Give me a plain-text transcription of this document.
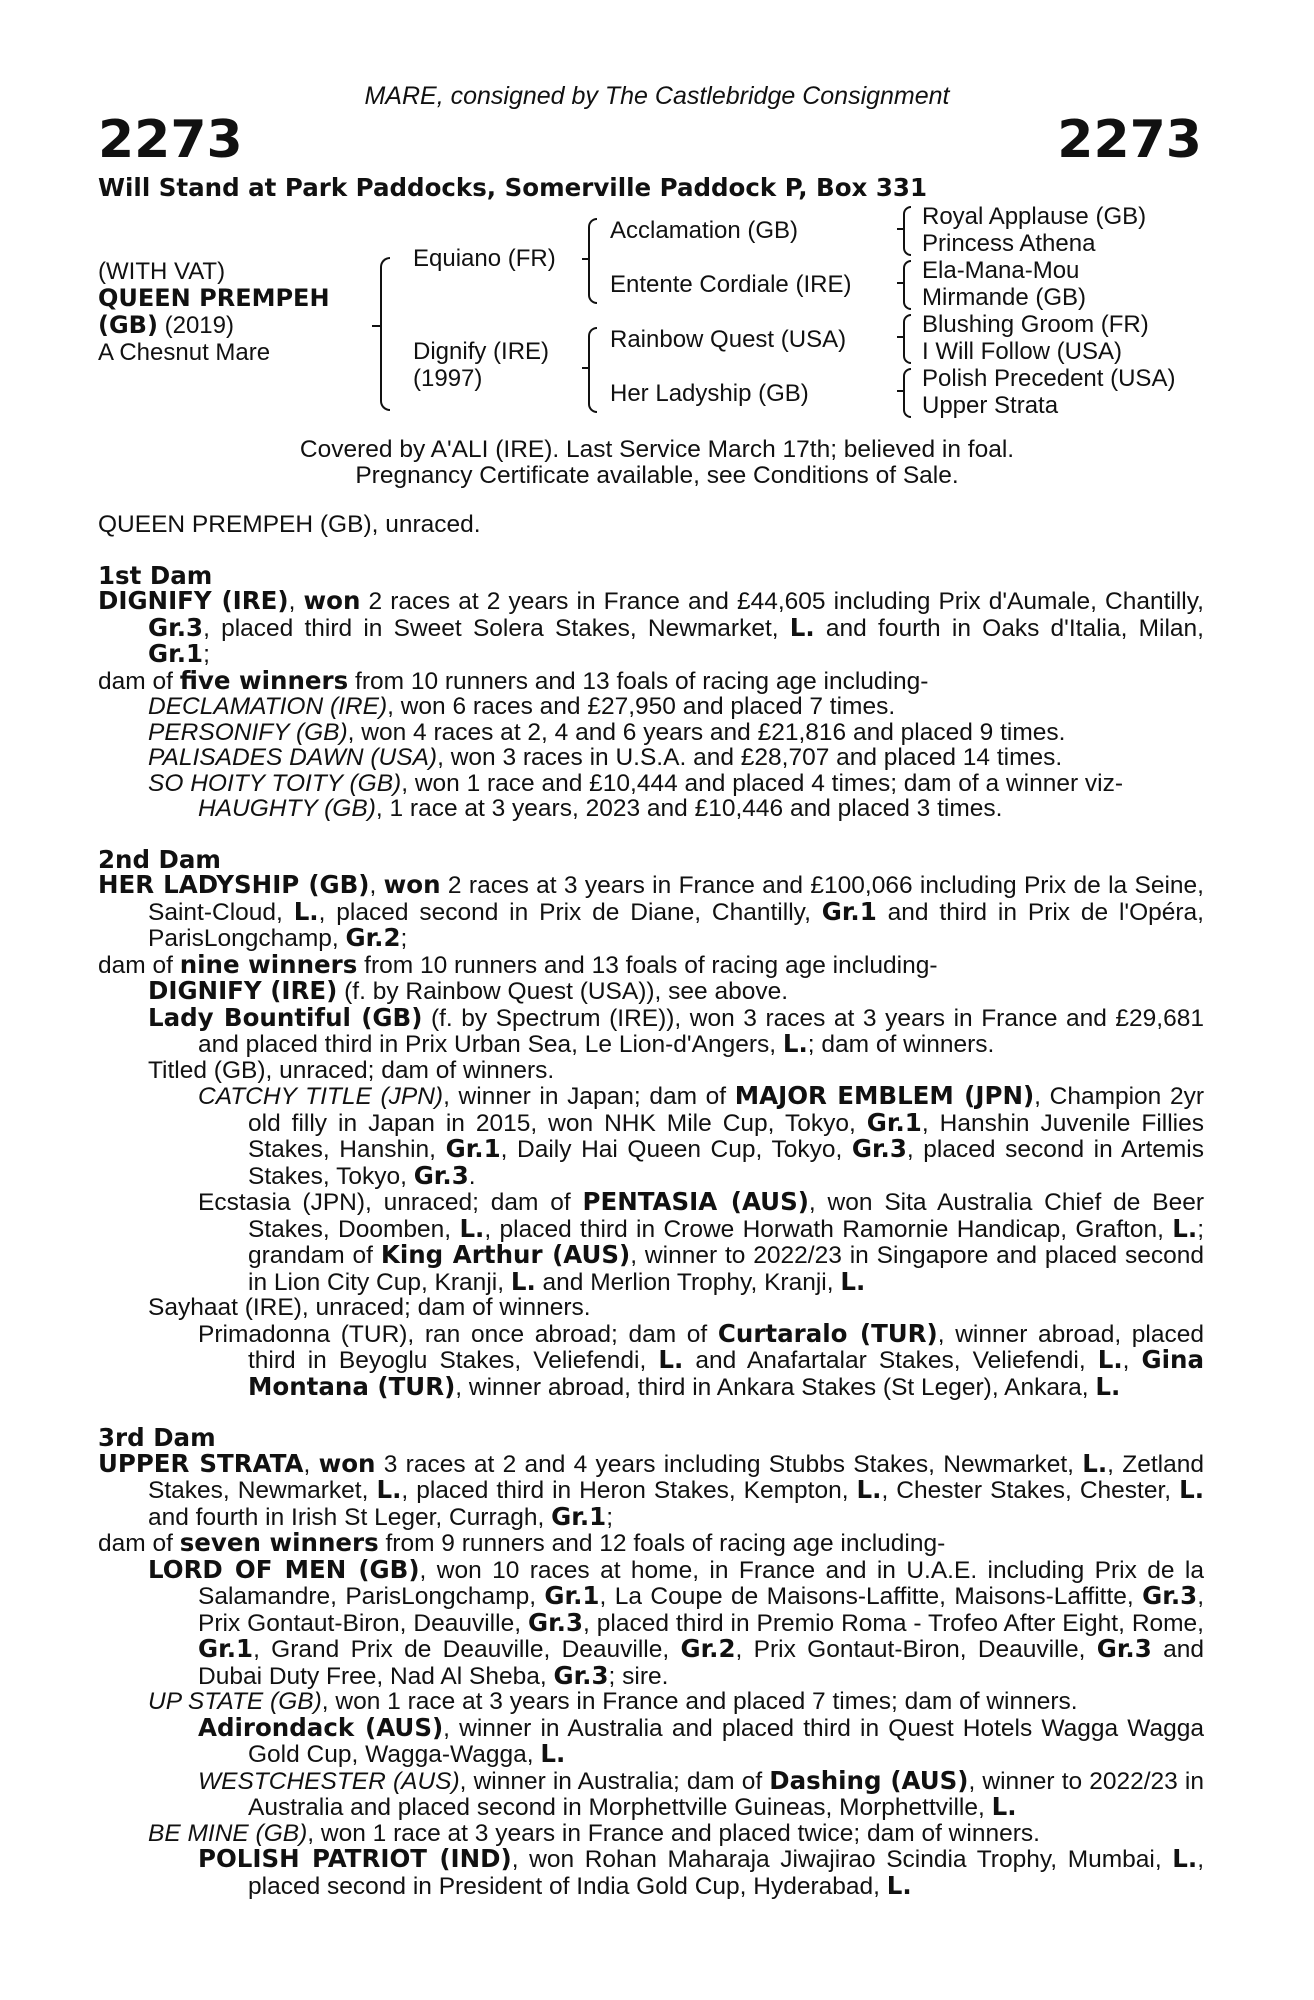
MARE, consigned by The Castlebridge Consignment
2273	2273
Will Stand at Park Paddocks, Somerville Paddock P, Box 331
(WITH VAT)
QUEEN PREMPEH
(GB) (2019)
A Chesnut Mare
Equiano (FR)
Dignify (IRE)
(1997)
Acclamation (GB)
Entente Cordiale (IRE)
Rainbow Quest (USA)
Her Ladyship (GB)
Royal Applause (GB)
Princess Athena
Ela-Mana-Mou
Mirmande (GB)
Blushing Groom (FR)
I Will Follow (USA)
Polish Precedent (USA)
Upper Strata
Covered by A'ALI (IRE). Last Service March 17th; believed in foal.
Pregnancy Certificate available, see Conditions of Sale.

QUEEN PREMPEH (GB), unraced.

1st Dam

DIGNIFY (IRE), won 2 races at 2 years in France and £44,605 including Prix d'Aumale, Chantilly, Gr.3, placed third in Sweet Solera Stakes, Newmarket, L. and fourth in Oaks d'Italia, Milan, Gr.1;

dam of five winners from 10 runners and 13 foals of racing age including-

DECLAMATION (IRE), won 6 races and £27,950 and placed 7 times.

PERSONIFY (GB), won 4 races at 2, 4 and 6 years and £21,816 and placed 9 times.

PALISADES DAWN (USA), won 3 races in U.S.A. and £28,707 and placed 14 times.

SO HOITY TOITY (GB), won 1 race and £10,444 and placed 4 times; dam of a winner viz-

HAUGHTY (GB), 1 race at 3 years, 2023 and £10,446 and placed 3 times.

2nd Dam

HER LADYSHIP (GB), won 2 races at 3 years in France and £100,066 including Prix de la Seine, Saint-Cloud, L., placed second in Prix de Diane, Chantilly, Gr.1 and third in Prix de l'Opéra, ParisLongchamp, Gr.2;

dam of nine winners from 10 runners and 13 foals of racing age including-

DIGNIFY (IRE) (f. by Rainbow Quest (USA)), see above.

Lady Bountiful (GB) (f. by Spectrum (IRE)), won 3 races at 3 years in France and £29,681 and placed third in Prix Urban Sea, Le Lion-d'Angers, L.; dam of winners.

Titled (GB), unraced; dam of winners.

CATCHY TITLE (JPN), winner in Japan; dam of MAJOR EMBLEM (JPN), Champion 2yr old filly in Japan in 2015, won NHK Mile Cup, Tokyo, Gr.1, Hanshin Juvenile Fillies Stakes, Hanshin, Gr.1, Daily Hai Queen Cup, Tokyo, Gr.3, placed second in Artemis Stakes, Tokyo, Gr.3.

Ecstasia (JPN), unraced; dam of PENTASIA (AUS), won Sita Australia Chief de Beer Stakes, Doomben, L., placed third in Crowe Horwath Ramornie Handicap, Grafton, L.; grandam of King Arthur (AUS), winner to 2022/23 in Singapore and placed second in Lion City Cup, Kranji, L. and Merlion Trophy, Kranji, L.

Sayhaat (IRE), unraced; dam of winners.

Primadonna (TUR), ran once abroad; dam of Curtaralo (TUR), winner abroad, placed third in Beyoglu Stakes, Veliefendi, L. and Anafartalar Stakes, Veliefendi, L., Gina Montana (TUR), winner abroad, third in Ankara Stakes (St Leger), Ankara, L.

3rd Dam

UPPER STRATA, won 3 races at 2 and 4 years including Stubbs Stakes, Newmarket, L., Zetland Stakes, Newmarket, L., placed third in Heron Stakes, Kempton, L., Chester Stakes, Chester, L. and fourth in Irish St Leger, Curragh, Gr.1;

dam of seven winners from 9 runners and 12 foals of racing age including-

LORD OF MEN (GB), won 10 races at home, in France and in U.A.E. including Prix de la Salamandre, ParisLongchamp, Gr.1, La Coupe de Maisons-Laffitte, Maisons-Laffitte, Gr.3, Prix Gontaut-Biron, Deauville, Gr.3, placed third in Premio Roma - Trofeo After Eight, Rome, Gr.1, Grand Prix de Deauville, Deauville, Gr.2, Prix Gontaut-Biron, Deauville, Gr.3 and Dubai Duty Free, Nad Al Sheba, Gr.3; sire.

UP STATE (GB), won 1 race at 3 years in France and placed 7 times; dam of winners.

Adirondack (AUS), winner in Australia and placed third in Quest Hotels Wagga Wagga Gold Cup, Wagga-Wagga, L.

WESTCHESTER (AUS), winner in Australia; dam of Dashing (AUS), winner to 2022/23 in Australia and placed second in Morphettville Guineas, Morphettville, L.

BE MINE (GB), won 1 race at 3 years in France and placed twice; dam of winners.

POLISH PATRIOT (IND), won Rohan Maharaja Jiwajirao Scindia Trophy, Mumbai, L., placed second in President of India Gold Cup, Hyderabad, L.
